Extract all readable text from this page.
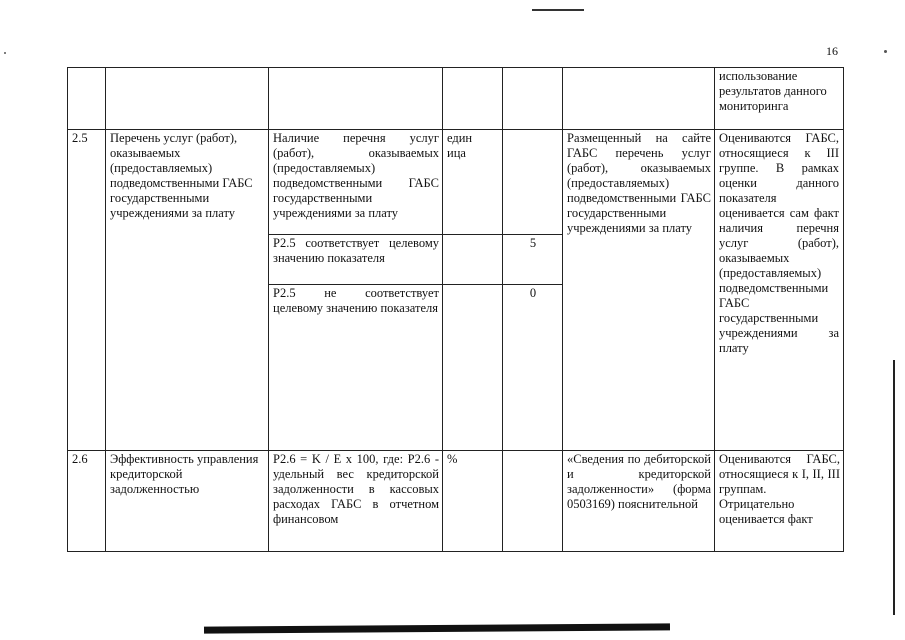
16
						использование результатов данного мониторинга
2.5	Перечень услуг (работ), оказываемых (предоставляемых) подведомственными ГАБС государственными учреждениями за плату	Наличие перечня услуг (работ), оказываемых (предоставляемых) подведомственными ГАБС государственными учреждениями за плату	единица		Размещенный на сайте ГАБС перечень услуг (работ), оказываемых (предоставляемых) подведомственными ГАБС государственными учреждениями за плату	Оцениваются ГАБС, относящиеся к III группе. В рамках оценки данного показателя оценивается сам факт наличия перечня услуг (работ), оказываемых (предоставляемых) подведомственными ГАБС государственными учреждениями за плату
		P2.5 соответствует целевому значению показателя		5		
		P2.5 не соответствует целевому значению показателя		0		
2.6	Эффективность управления кредиторской задолженностью	P2.6 = K / E x 100, где: P2.6 - удельный вес кредиторской задолженности в кассовых расходах ГАБС в отчетном финансовом	%		«Сведения по дебиторской и кредиторской задолженности» (форма 0503169) пояснительной	Оцениваются ГАБС, относящиеся к I, II, III группам. Отрицательно оценивается факт
